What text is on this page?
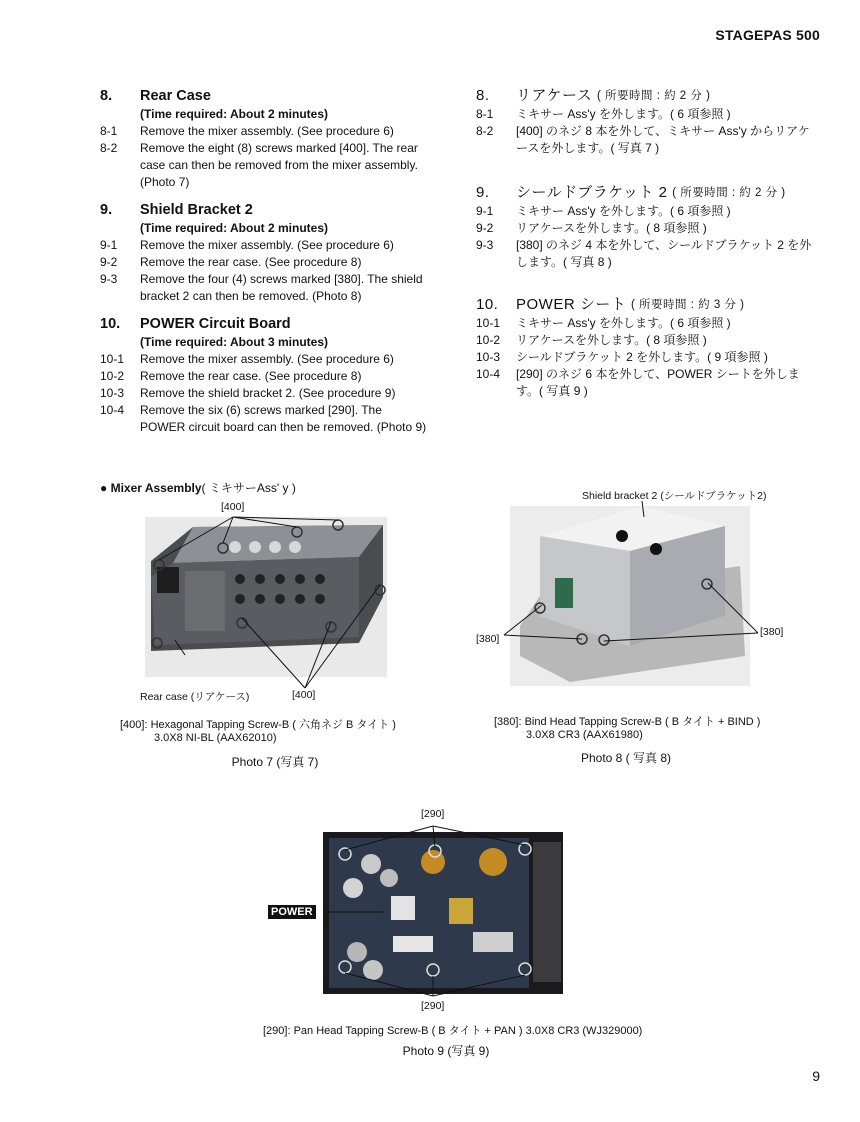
STAGEPAS 500
8.	Rear Case
(Time required: About 2 minutes)
8-1	Remove the mixer assembly. (See procedure 6)
8-2	Remove the eight (8) screws marked [400]. The rear case can then be removed from the mixer assembly. (Photo 7)
9.	Shield Bracket 2
(Time required: About 2 minutes)
9-1	Remove the mixer assembly. (See procedure 6)
9-2	Remove the rear case. (See procedure 8)
9-3	Remove the four (4) screws marked [380]. The shield bracket 2 can then be removed. (Photo 8)
10.	POWER Circuit Board
(Time required: About 3 minutes)
10-1	Remove the mixer assembly. (See procedure 6)
10-2	Remove the rear case. (See procedure 8)
10-3	Remove the shield bracket 2. (See procedure 9)
10-4	Remove the six (6) screws marked [290]. The POWER circuit board can then be removed. (Photo 9)
8.	リアケース
( 所要時間 : 約 2 分 )
8-1	ミキサー Ass'y を外します。( 6 項参照 )
8-2	[400] のネジ 8 本を外して、ミキサー Ass'y からリアケースを外します。( 写真 7 )
9.	シールドブラケット 2
( 所要時間 : 約 2 分 )
9-1	ミキサー Ass'y を外します。( 6 項参照 )
9-2	リアケースを外します。( 8 項参照 )
9-3	[380] のネジ 4 本を外して、シールドブラケット 2 を外します。( 写真 8 )
10.	POWER シート
( 所要時間 : 約 3 分 )
10-1	ミキサー Ass'y を外します。( 6 項参照 )
10-2	リアケースを外します。( 8 項参照 )
10-3	シールドブラケット 2 を外します。( 9 項参照 )
10-4	[290] のネジ 6 本を外して、POWER シートを外します。( 写真 9 )
● Mixer Assembly( ミキサーAss' y )
[400]
Rear case (リアケース)	[400]
[400]: Hexagonal Tapping Screw-B ( 六角ネジ B タイト )
3.0X8 NI-BL (AAX62010)
Photo 7 (写真 7)
Shield bracket 2 (シールドブラケット2)
[380]
[380]
[380]: Bind Head Tapping Screw-B ( B タイト + BIND )
3.0X8 CR3 (AAX61980)
Photo 8 ( 写真 8)
[290]
POWER
[290]
[290]: Pan Head Tapping Screw-B ( B タイト + PAN ) 3.0X8 CR3 (WJ329000)
Photo 9 (写真 9)
9
